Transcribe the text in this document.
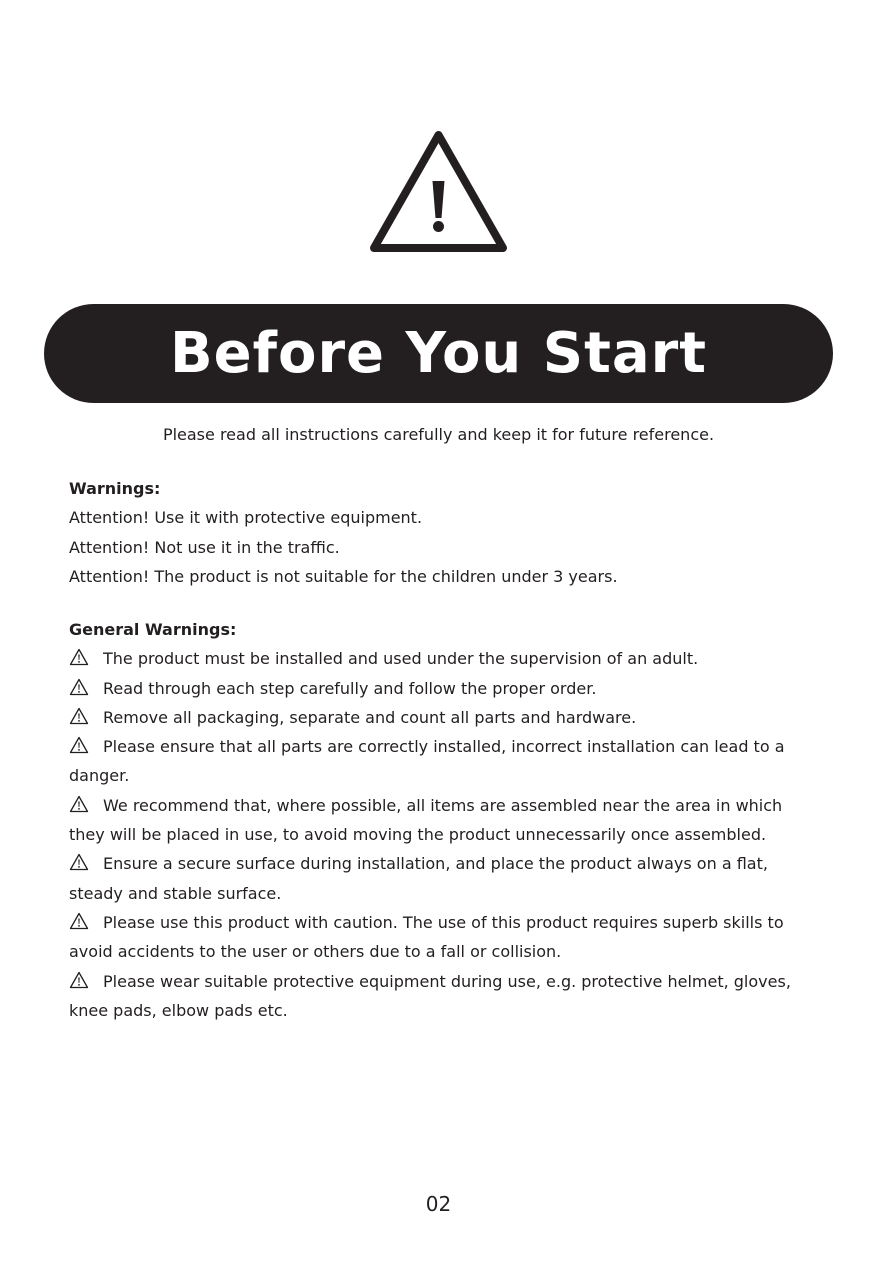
Before You Start
Please read all instructions carefully and keep it for future reference.
Warnings:
Attention! Use it with protective equipment.
Attention! Not use it in the traffic.
Attention! The product is not suitable for the children under 3 years.
General Warnings:
The product must be installed and used under the supervision of an adult.
Read through each step carefully and follow the proper order.
Remove all packaging, separate and count all parts and hardware.
Please ensure that all parts are correctly installed, incorrect installation can lead to a danger.
We recommend that, where possible, all items are assembled near the area in which they will be placed in use, to avoid moving the product unnecessarily once assembled.
Ensure a secure surface during installation, and place the product always on a flat, steady and stable surface.
Please use this product with caution. The use of this product requires superb skills to avoid accidents to the user or others due to a fall or collision.
Please wear suitable protective equipment during use, e.g. protective helmet, gloves, knee pads, elbow pads etc.
02
